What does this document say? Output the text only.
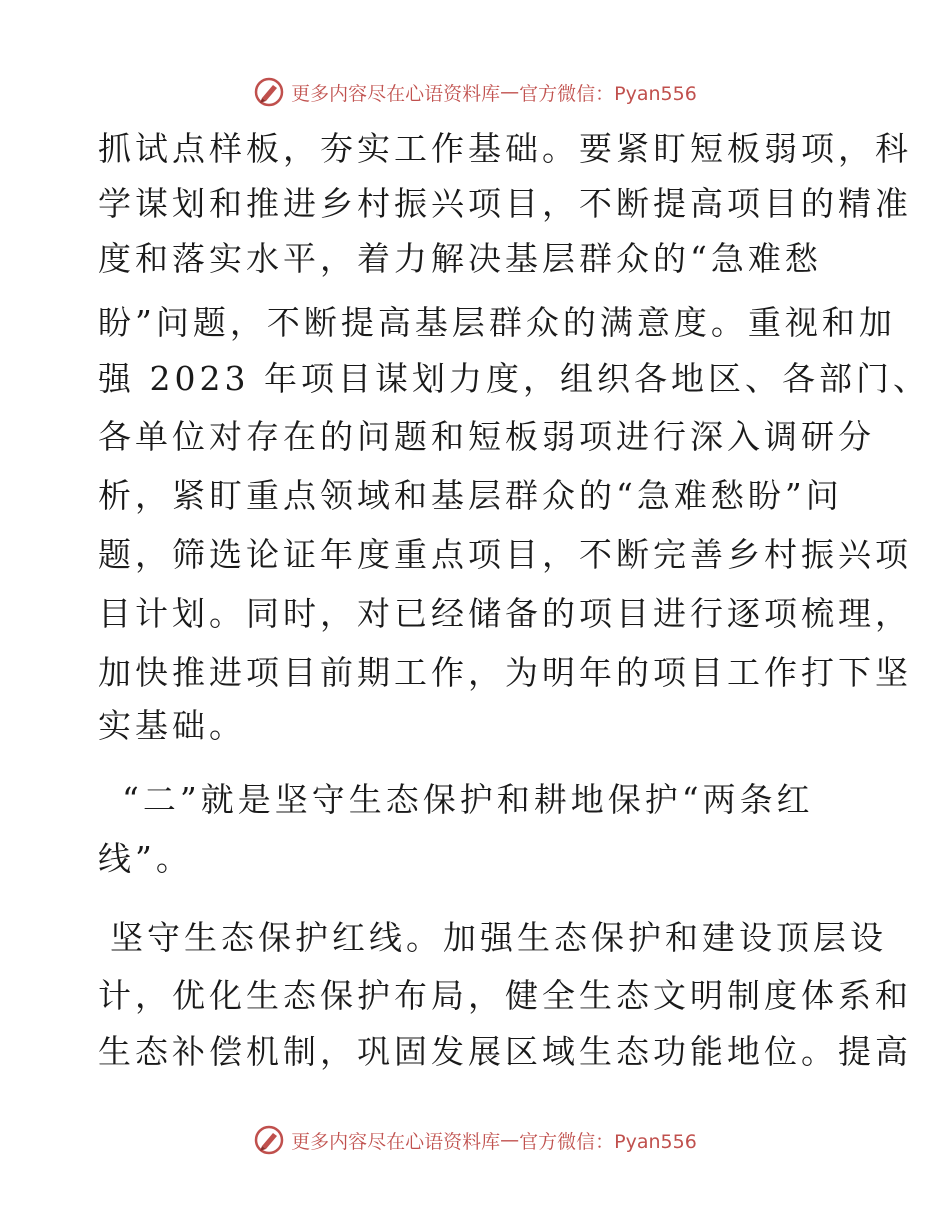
更多内容尽在心语资料库 — 官方微信：Pyan556
抓试点样板，夯实工作基础。要紧盯短板弱项，科
学谋划和推进乡村振兴项目，不断提高项目的精准
度和落实水平，着力解决基层群众的“急难愁
盼”问题，不断提高基层群众的满意度。重视和加
强 2023 年项目谋划力度，组织各地区、各部门、
各单位对存在的问题和短板弱项进行深入调研分
析，紧盯重点领域和基层群众的“急难愁盼”问
题，筛选论证年度重点项目，不断完善乡村振兴项
目计划。同时，对已经储备的项目进行逐项梳理，
加快推进项目前期工作，为明年的项目工作打下坚
实基础。
“二”就是坚守生态保护和耕地保护“两条红
线”。
坚守生态保护红线。加强生态保护和建设顶层设
计，优化生态保护布局，健全生态文明制度体系和
生态补偿机制，巩固发展区域生态功能地位。提高
更多内容尽在心语资料库 — 官方微信：Pyan556
